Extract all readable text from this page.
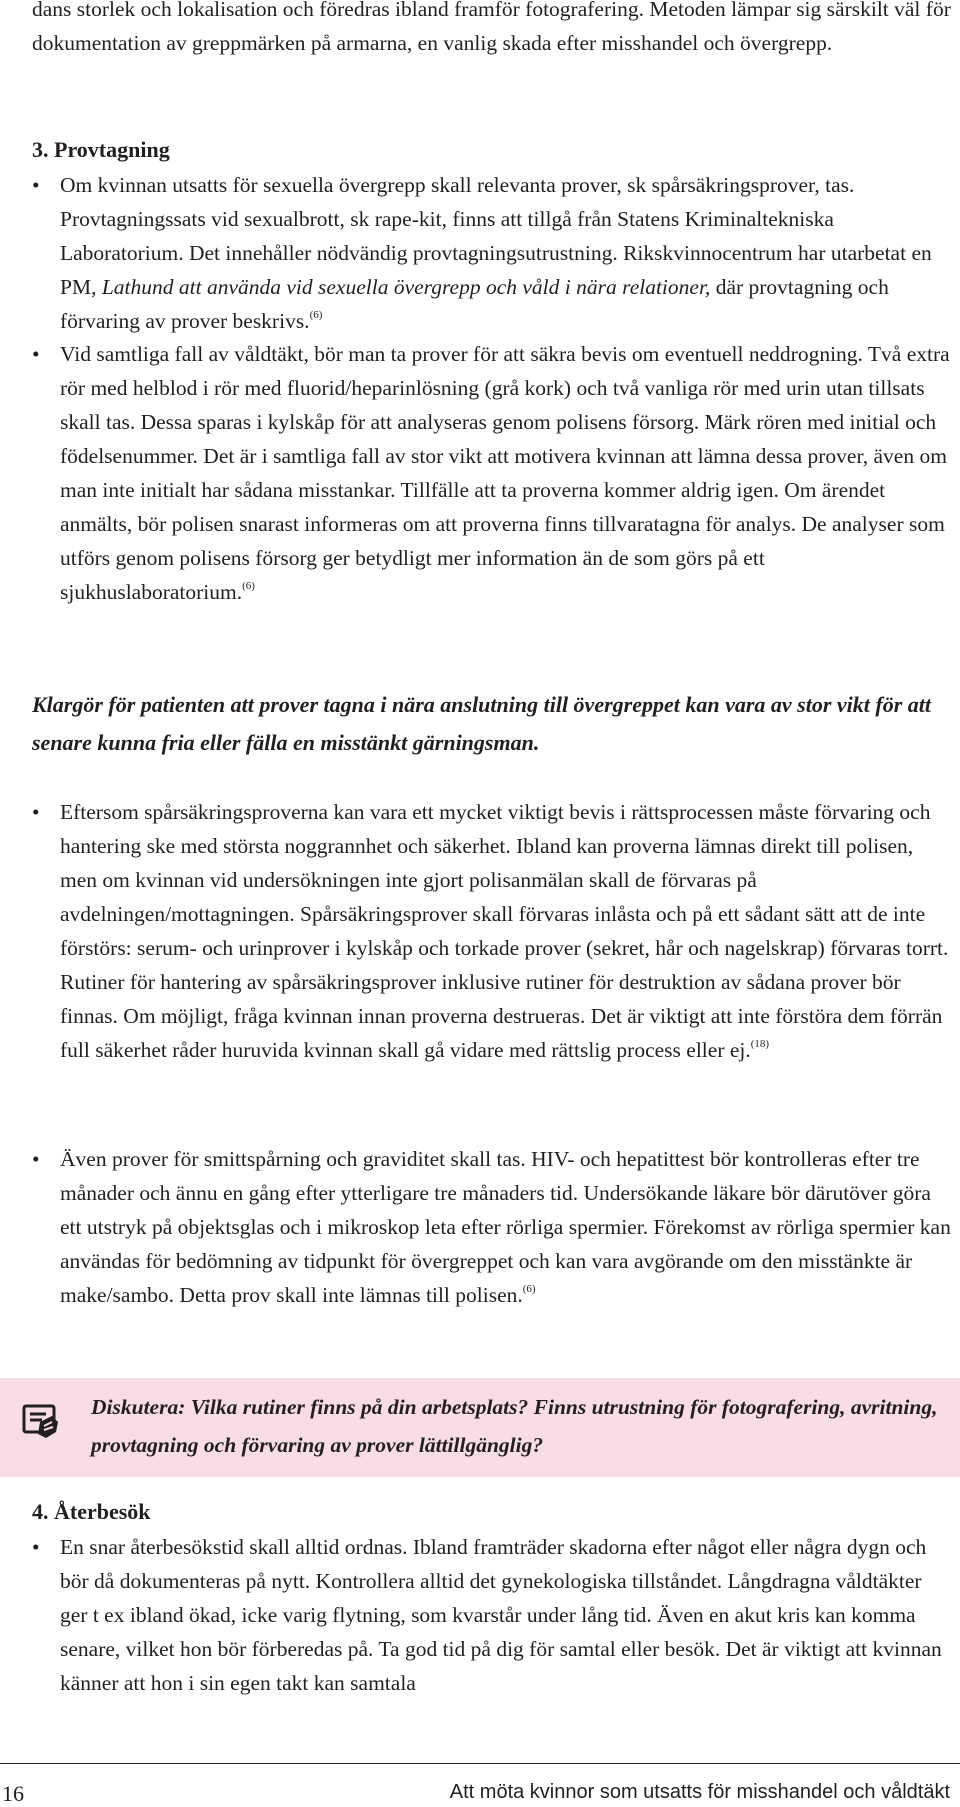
dans storlek och lokalisation och föredras ibland framför fotografering. Metoden lämpar sig särskilt väl för dokumentation av greppmärken på armarna, en vanlig skada efter misshandel och övergrepp.

3. Provtagning
• Om kvinnan utsatts för sexuella övergrepp skall relevanta prover, sk spårsäkringsprover, tas. Provtagningssats vid sexualbrott, sk rape-kit, finns att tillgå från Statens Kriminaltekniska Laboratorium. Det innehåller nödvändig provtagningsutrustning. Rikskvinnocentrum har utarbetat en PM, Lathund att använda vid sexuella övergrepp och våld i nära relationer, där provtagning och förvaring av prover beskrivs.$^{(6)}$
• Vid samtliga fall av våldtäkt, bör man ta prover för att säkra bevis om eventuell neddrogning. Två extra rör med helblod i rör med fluorid/heparinlösning (grå kork) och två vanliga rör med urin utan tillsats skall tas. Dessa sparas i kylskåp för att analyseras genom polisens försorg. Märk rören med initial och födelsenummer. Det är i samtliga fall av stor vikt att motivera kvinnan att lämna dessa prover, även om man inte initialt har sådana misstankar. Tillfälle att ta proverna kommer aldrig igen. Om ärendet anmälts, bör polisen snarast informeras om att proverna finns tillvaratagna för analys. De analyser som utförs genom polisens försorg ger betydligt mer information än de som görs på ett sjukhuslaboratorium.$^{(6)}$

Klargör för patienten att prover tagna i nära anslutning till övergreppet kan vara av stor vikt för att senare kunna fria eller fälla en misstänkt gärningsman.

• Eftersom spårsäkringsproverna kan vara ett mycket viktigt bevis i rättsprocessen måste förvaring och hantering ske med största noggrannhet och säkerhet. Ibland kan proverna lämnas direkt till polisen, men om kvinnan vid undersökningen inte gjort polisanmälan skall de förvaras på avdelningen/mottagningen. Spårsäkringsprover skall förvaras inlåsta och på ett sådant sätt att de inte förstörs: serum- och urinprover i kylskåp och torkade prover (sekret, hår och nagelskrap) förvaras torrt. Rutiner för hantering av spårsäkringsprover inklusive rutiner för destruktion av sådana prover bör finnas. Om möjligt, fråga kvinnan innan proverna destrueras. Det är viktigt att inte förstöra dem förrän full säkerhet råder huruvida kvinnan skall gå vidare med rättslig process eller ej.$^{(18)}$
• Även prover för smittspårning och graviditet skall tas. HIV- och hepatittest bör kontrolleras efter tre månader och ännu en gång efter ytterligare tre månaders tid. Undersökande läkare bör därutöver göra ett utstryk på objektsglas och i mikroskop leta efter rörliga spermier. Förekomst av rörliga spermier kan användas för bedömning av tidpunkt för övergreppet och kan vara avgörande om den misstänkte är make/sambo. Detta prov skall inte lämnas till polisen.$^{(6)}$

Diskutera: Vilka rutiner finns på din arbetsplats? Finns utrustning för fotografering, avritning, provtagning och förvaring av prover lättillgänglig?

4. Återbesök
• En snar återbesökstid skall alltid ordnas. Ibland framträder skadorna efter något eller några dygn och bör då dokumenteras på nytt. Kontrollera alltid det gynekologiska tillståndet. Långdragna våldtäkter ger t ex ibland ökad, icke varig flytning, som kvarstår under lång tid. Även en akut kris kan komma senare, vilket hon bör förberedas på. Ta god tid på dig för samtal eller besök. Det är viktigt att kvinnan känner att hon i sin egen takt kan samtala
16	Att möta kvinnor som utsatts för misshandel och våldtäkt
